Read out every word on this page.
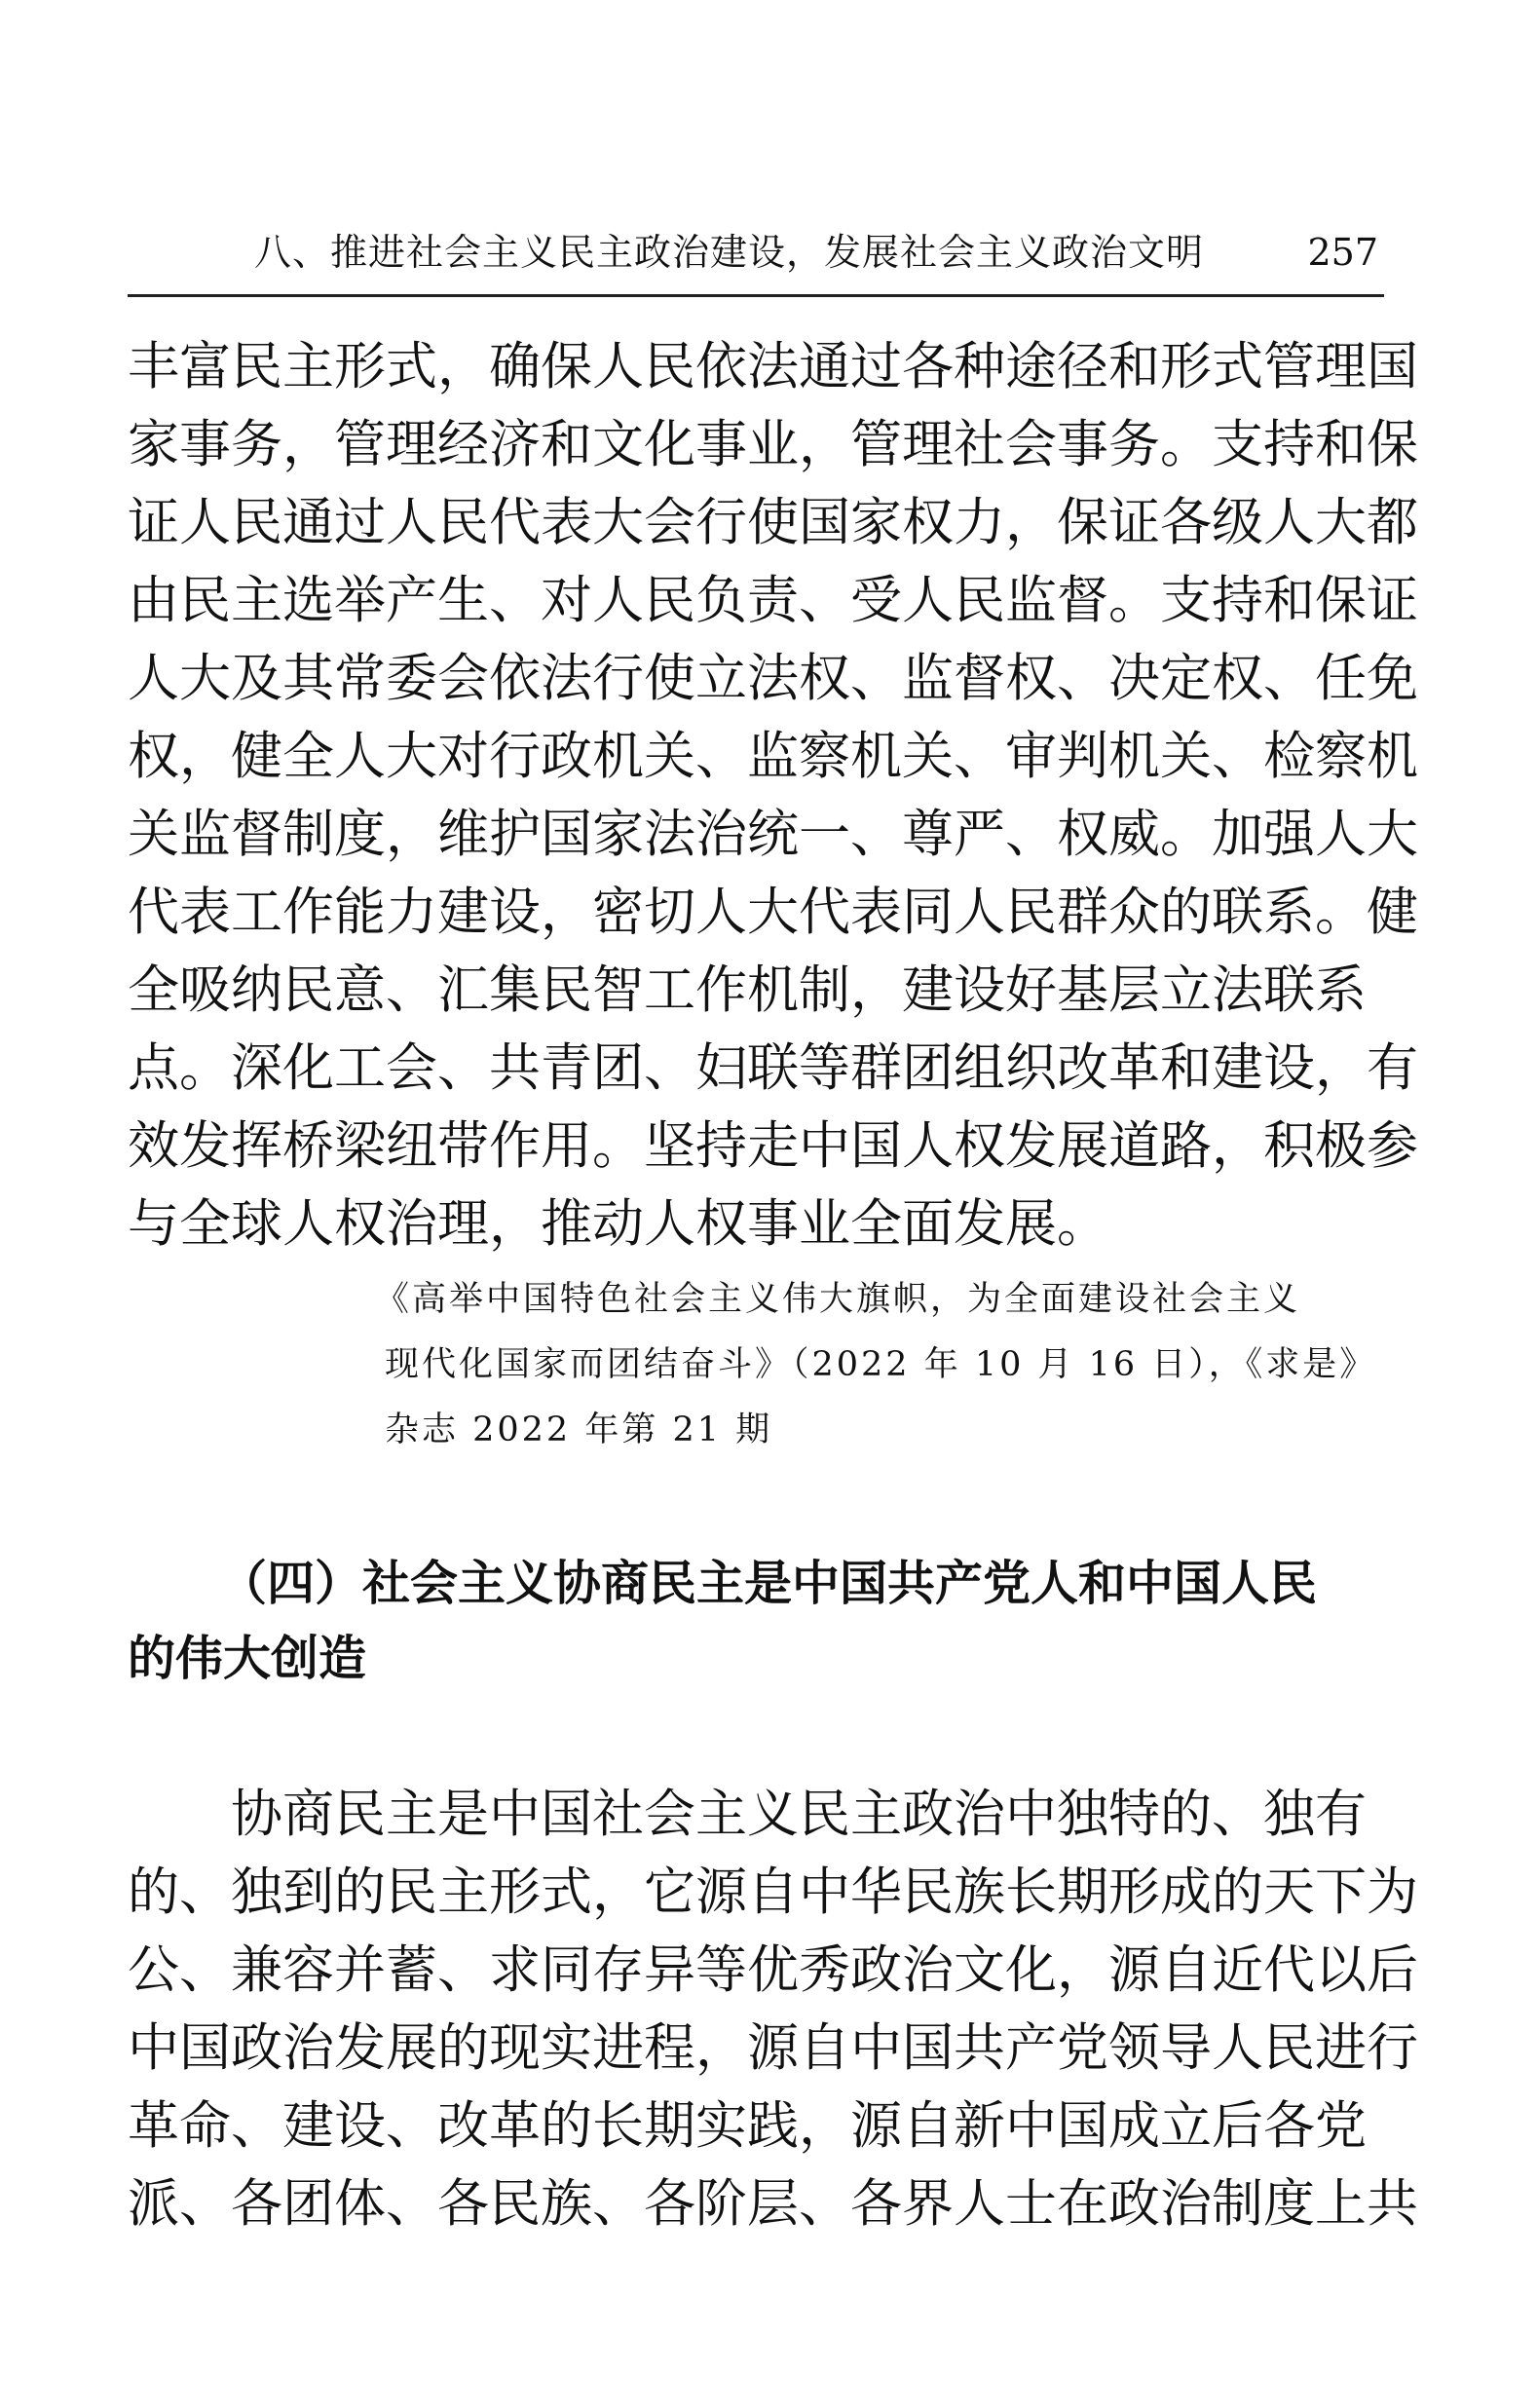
八、推进社会主义民主政治建设，发展社会主义政治文明	257
丰富民主形式，确保人民依法通过各种途径和形式管理国
家事务，管理经济和文化事业，管理社会事务。支持和保
证人民通过人民代表大会行使国家权力，保证各级人大都
由民主选举产生、对人民负责、受人民监督。支持和保证
人大及其常委会依法行使立法权、监督权、决定权、任免
权，健全人大对行政机关、监察机关、审判机关、检察机
关监督制度，维护国家法治统一、尊严、权威。加强人大
代表工作能力建设，密切人大代表同人民群众的联系。健
全吸纳民意、汇集民智工作机制，建设好基层立法联系
点。深化工会、共青团、妇联等群团组织改革和建设，有
效发挥桥梁纽带作用。坚持走中国人权发展道路，积极参
与全球人权治理，推动人权事业全面发展。
《高举中国特色社会主义伟大旗帜，为全面建设社会主义
现代化国家而团结奋斗》（2022 年 10 月 16 日），《求是》
杂志 2022 年第 21 期
（四）社会主义协商民主是中国共产党人和中国人民
的伟大创造
协商民主是中国社会主义民主政治中独特的、独有
的、独到的民主形式，它源自中华民族长期形成的天下为
公、兼容并蓄、求同存异等优秀政治文化，源自近代以后
中国政治发展的现实进程，源自中国共产党领导人民进行
革命、建设、改革的长期实践，源自新中国成立后各党
派、各团体、各民族、各阶层、各界人士在政治制度上共
